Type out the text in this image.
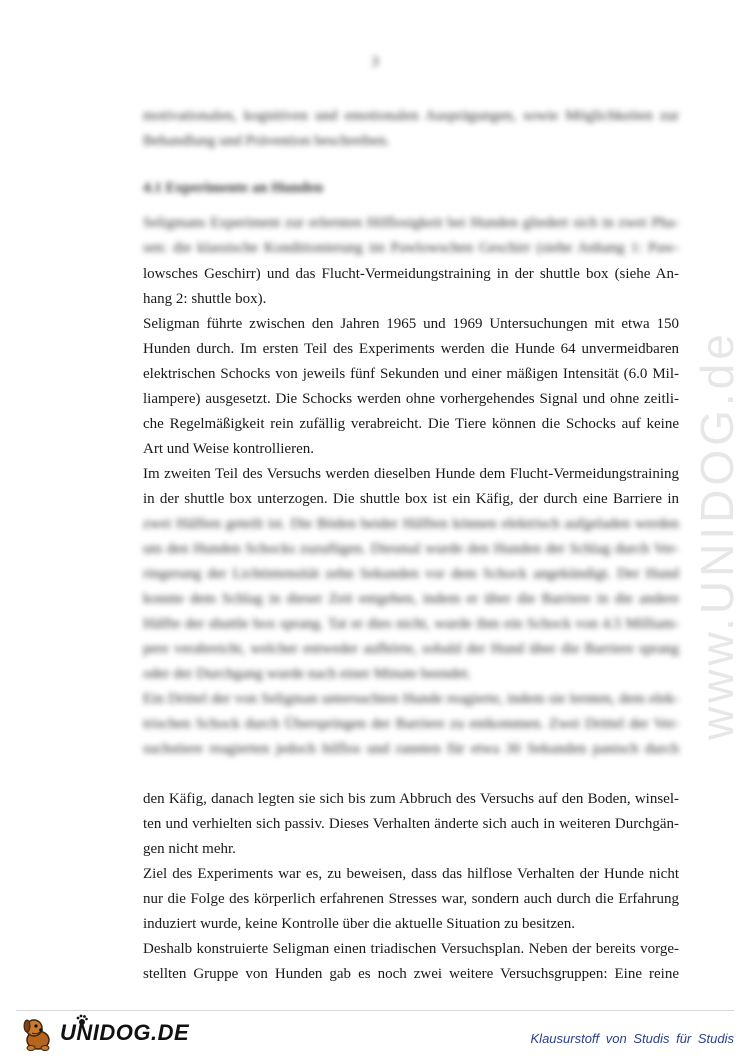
3
www.UNIDOG.de
motivationalen, kognitiven und emotionalen Ausprägungen, sowie Möglichkeiten zur
Behandlung und Prävention beschreiben.
4.1 Experimente an Hunden
Seligmans Experiment zur erlernten Hilflosigkeit bei Hunden gliedert sich in zwei Pha-
sen: die klassische Konditionierung im Pawlowschen Geschirr (siehe Anhang 1: Paw-
lowsches Geschirr) und das Flucht-Vermeidungstraining in der shuttle box (siehe An-
hang 2: shuttle box).
Seligman führte zwischen den Jahren 1965 und 1969 Untersuchungen mit etwa 150
Hunden durch. Im ersten Teil des Experiments werden die Hunde 64 unvermeidbaren
elektrischen Schocks von jeweils fünf Sekunden und einer mäßigen Intensität (6.0 Mil-
liampere) ausgesetzt. Die Schocks werden ohne vorhergehendes Signal und ohne zeitli-
che Regelmäßigkeit rein zufällig verabreicht. Die Tiere können die Schocks auf keine
Art und Weise kontrollieren.
Im zweiten Teil des Versuchs werden dieselben Hunde dem Flucht-Vermeidungstraining
in der shuttle box unterzogen. Die shuttle box ist ein Käfig, der durch eine Barriere in
zwei Hälften geteilt ist. Die Böden beider Hälften können elektrisch aufgeladen werden
um den Hunden Schocks zuzufügen. Diesmal wurde den Hunden der Schlag durch Ver-
ringerung der Lichtintensität zehn Sekunden vor dem Schock angekündigt. Der Hund
konnte dem Schlag in dieser Zeit entgehen, indem er über die Barriere in die andere
Hälfte der shuttle box sprang. Tat er dies nicht, wurde ihm ein Schock von 4.5 Milliam-
pere verabreicht, welcher entweder aufhörte, sobald der Hund über die Barriere sprang
oder der Durchgang wurde nach einer Minute beendet.
Ein Drittel der von Seligman untersuchten Hunde reagierte, indem sie lernten, dem elek-
trischen Schock durch Überspringen der Barriere zu entkommen. Zwei Drittel der Ver-
suchstiere reagierten jedoch hilflos und rannten für etwa 30 Sekunden panisch durch
den Käfig, danach legten sie sich bis zum Abbruch des Versuchs auf den Boden, winsel-
ten und verhielten sich passiv. Dieses Verhalten änderte sich auch in weiteren Durchgän-
gen nicht mehr.
Ziel des Experiments war es, zu beweisen, dass das hilflose Verhalten der Hunde nicht
nur die Folge des körperlich erfahrenen Stresses war, sondern auch durch die Erfahrung
induziert wurde, keine Kontrolle über die aktuelle Situation zu besitzen.
Deshalb konstruierte Seligman einen triadischen Versuchsplan. Neben der bereits vorge-
stellten Gruppe von Hunden gab es noch zwei weitere Versuchsgruppen: Eine reine
UNIDOG.DE	Klausurstoff von Studis für Studis
